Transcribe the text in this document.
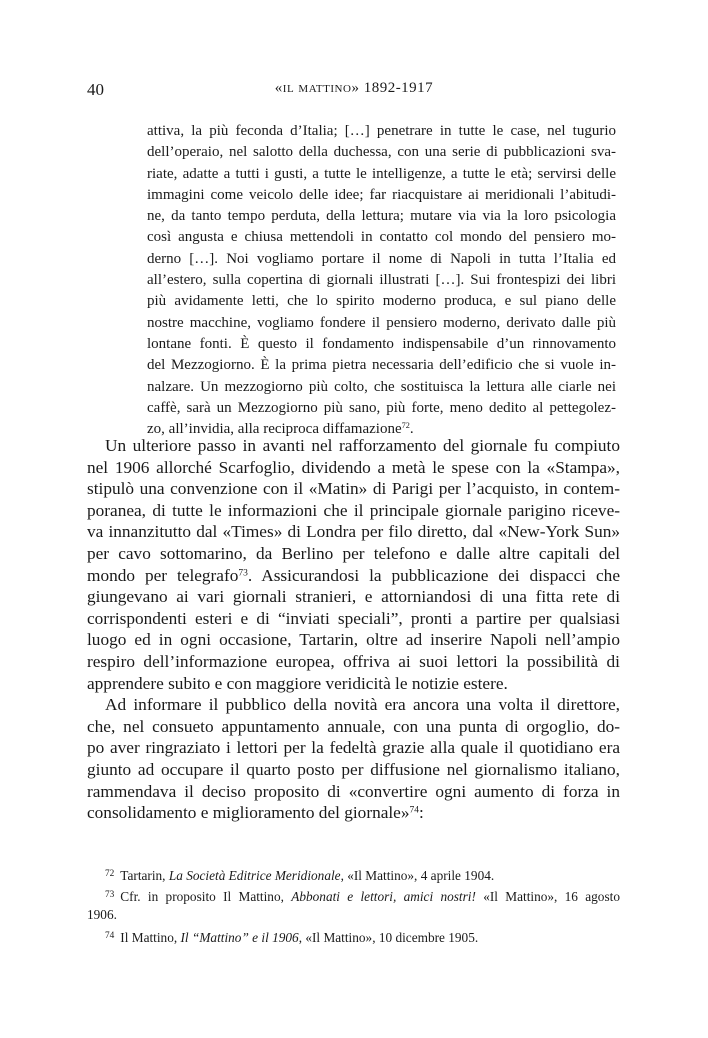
40	«il mattino» 1892-1917
attiva, la più feconda d’Italia; […] penetrare in tutte le case, nel tugurio
dell’operaio, nel salotto della duchessa, con una serie di pubblicazioni sva-
riate, adatte a tutti i gusti, a tutte le intelligenze, a tutte le età; servirsi delle
immagini come veicolo delle idee; far riacquistare ai meridionali l’abitudi-
ne, da tanto tempo perduta, della lettura; mutare via via la loro psicologia
così angusta e chiusa mettendoli in contatto col mondo del pensiero mo-
derno […]. Noi vogliamo portare il nome di Napoli in tutta l’Italia ed
all’estero, sulla copertina di giornali illustrati […]. Sui frontespizi dei libri
più avidamente letti, che lo spirito moderno produca, e sul piano delle
nostre macchine, vogliamo fondere il pensiero moderno, derivato dalle più
lontane fonti. È questo il fondamento indispensabile d’un rinnovamento
del Mezzogiorno. È la prima pietra necessaria dell’edificio che si vuole in-
nalzare. Un mezzogiorno più colto, che sostituisca la lettura alle ciarle nei
caffè, sarà un Mezzogiorno più sano, più forte, meno dedito al pettegolez-
zo, all’invidia, alla reciproca diffamazione$^{72}$.
Un ulteriore passo in avanti nel rafforzamento del giornale fu compiuto
nel 1906 allorché Scarfoglio, dividendo a metà le spese con la «Stampa»,
stipulò una convenzione con il «Matin» di Parigi per l’acquisto, in contem-
poranea, di tutte le informazioni che il principale giornale parigino riceve-
va innanzitutto dal «Times» di Londra per filo diretto, dal «New-York Sun»
per cavo sottomarino, da Berlino per telefono e dalle altre capitali del
mondo per telegrafo$^{73}$. Assicurandosi la pubblicazione dei dispacci che
giungevano ai vari giornali stranieri, e attorniandosi di una fitta rete di
corrispondenti esteri e di “inviati speciali”, pronti a partire per qualsiasi
luogo ed in ogni occasione, Tartarin, oltre ad inserire Napoli nell’ampio
respiro dell’informazione europea, offriva ai suoi lettori la possibilità di
apprendere subito e con maggiore veridicità le notizie estere.
Ad informare il pubblico della novità era ancora una volta il direttore,
che, nel consueto appuntamento annuale, con una punta di orgoglio, do-
po aver ringraziato i lettori per la fedeltà grazie alla quale il quotidiano era
giunto ad occupare il quarto posto per diffusione nel giornalismo italiano,
rammendava il deciso proposito di «convertire ogni aumento di forza in
consolidamento e miglioramento del giornale»$^{74}$:
$^{72}$ Tartarin, La Società Editrice Meridionale, «Il Mattino», 4 aprile 1904.
$^{73}$ Cfr. in proposito Il Mattino, Abbonati e lettori, amici nostri! «Il Mattino», 16 agosto
1906.
$^{74}$ Il Mattino, Il “Mattino” e il 1906, «Il Mattino», 10 dicembre 1905.
